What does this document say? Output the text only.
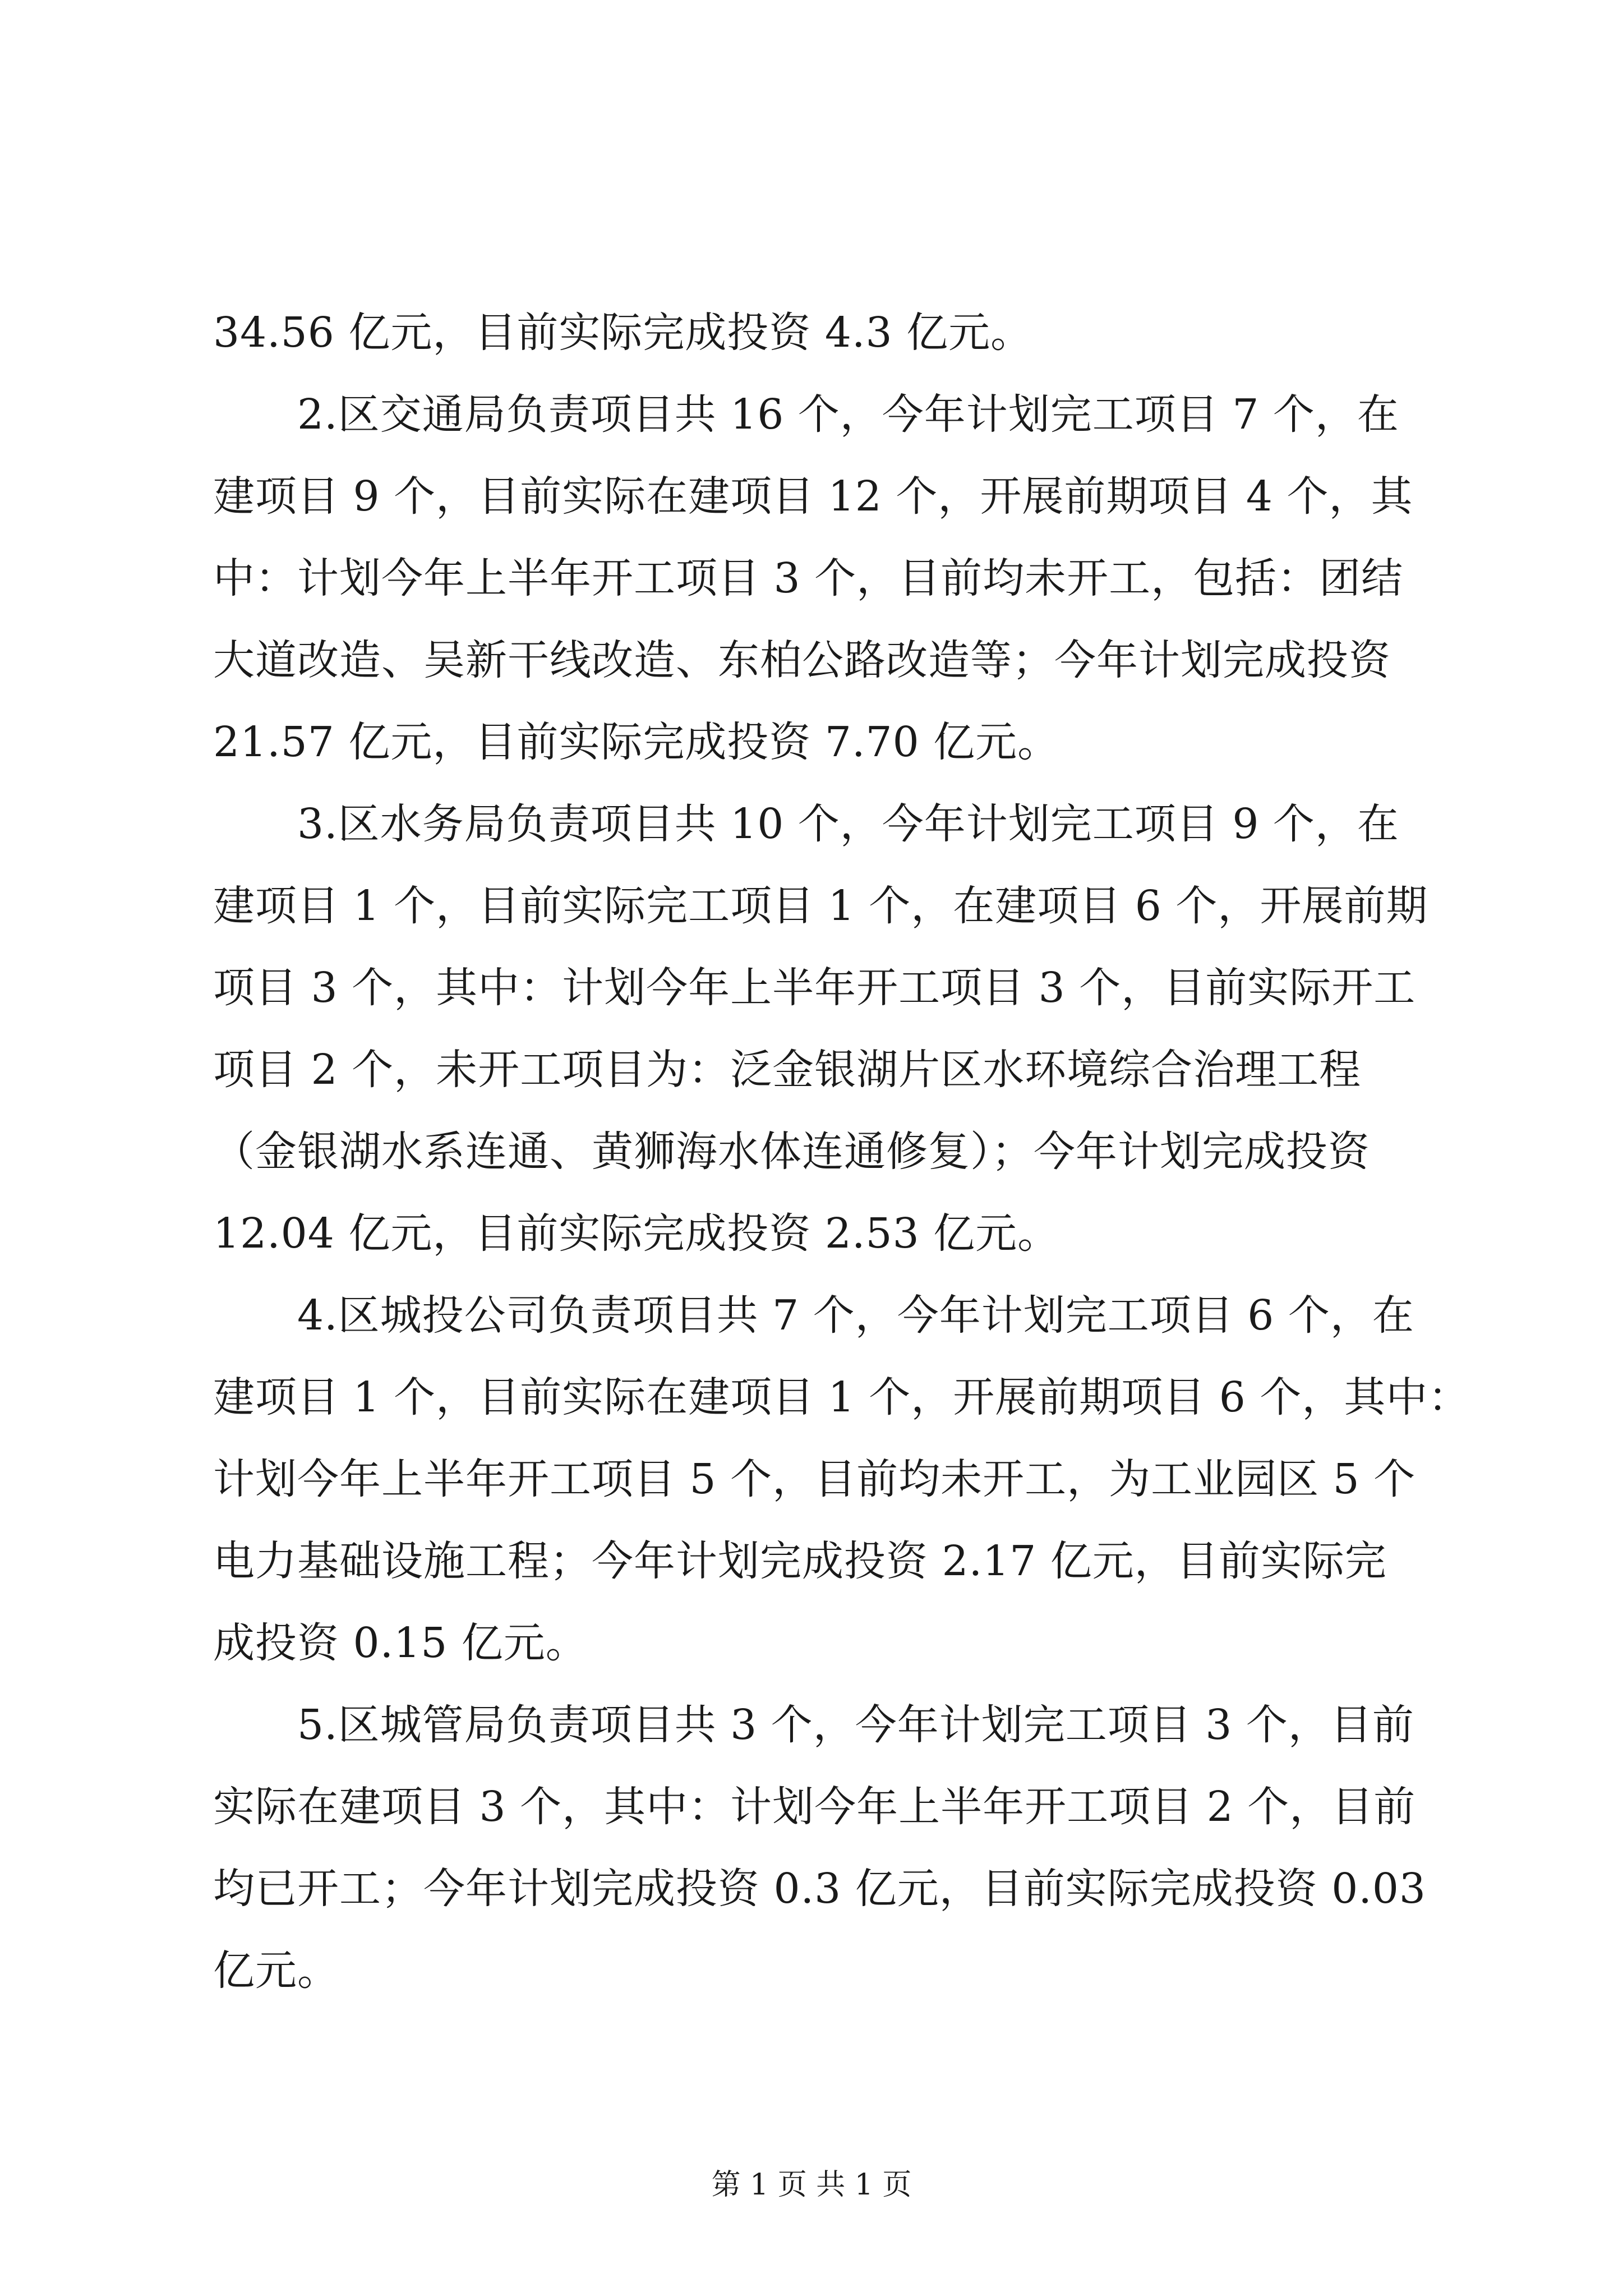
34.56 亿元，目前实际完成投资 4.3 亿元。
2.区交通局负责项目共 16 个，今年计划完工项目 7 个，在
建项目 9 个，目前实际在建项目 12 个，开展前期项目 4 个，其
中：计划今年上半年开工项目 3 个，目前均未开工，包括：团结
大道改造、吴新干线改造、东柏公路改造等；今年计划完成投资
21.57 亿元，目前实际完成投资 7.70 亿元。
3.区水务局负责项目共 10 个，今年计划完工项目 9 个，在
建项目 1 个，目前实际完工项目 1 个，在建项目 6 个，开展前期
项目 3 个，其中：计划今年上半年开工项目 3 个，目前实际开工
项目 2 个，未开工项目为：泛金银湖片区水环境综合治理工程
（金银湖水系连通、黄狮海水体连通修复）；今年计划完成投资
12.04 亿元，目前实际完成投资 2.53 亿元。
4.区城投公司负责项目共 7 个，今年计划完工项目 6 个，在
建项目 1 个，目前实际在建项目 1 个，开展前期项目 6 个，其中：
计划今年上半年开工项目 5 个，目前均未开工，为工业园区 5 个
电力基础设施工程；今年计划完成投资 2.17 亿元，目前实际完
成投资 0.15 亿元。
5.区城管局负责项目共 3 个，今年计划完工项目 3 个，目前
实际在建项目 3 个，其中：计划今年上半年开工项目 2 个，目前
均已开工；今年计划完成投资 0.3 亿元，目前实际完成投资 0.03
亿元。
第 1 页 共 1 页
